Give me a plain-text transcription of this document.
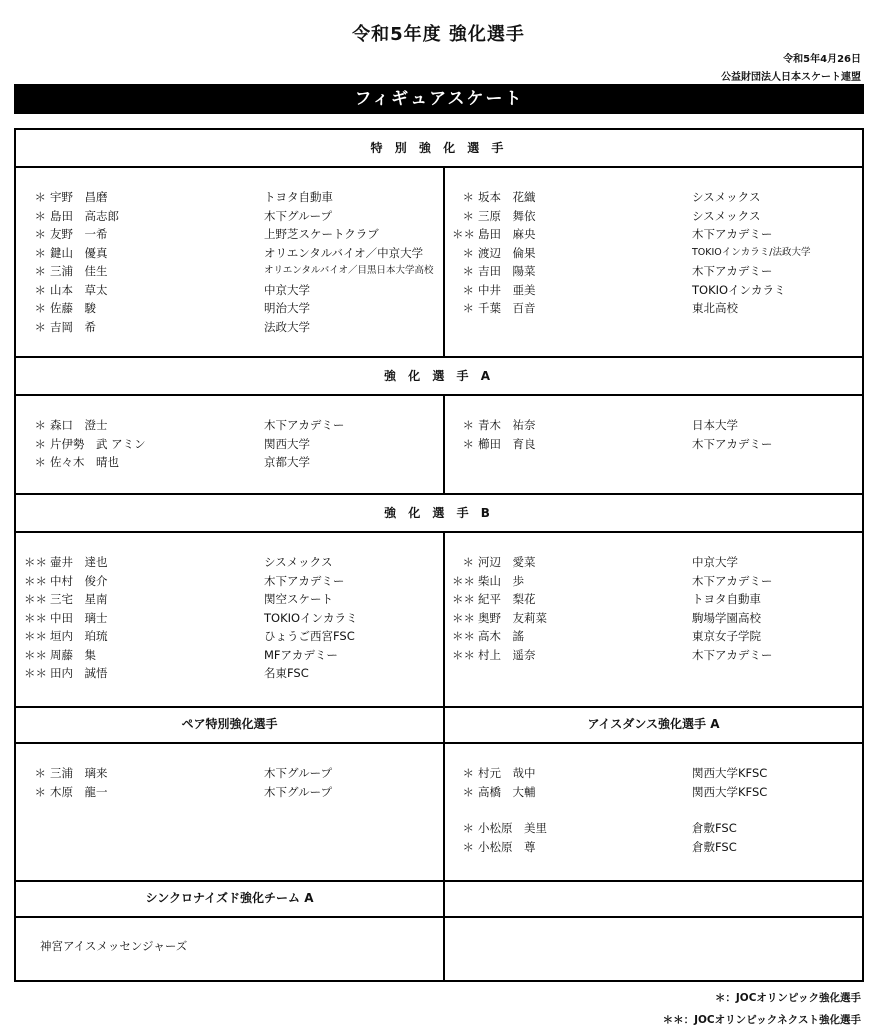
令和5年度 強化選手
令和5年4月26日
公益財団法人日本スケート連盟
フィギュアスケート
特 別 強 化 選 手
＊ 宇野　昌磨	トヨタ自動車
＊ 島田　高志郎	木下グループ
＊ 友野　一希	上野芝スケートクラブ
＊ 鍵山　優真	オリエンタルバイオ／中京大学
＊ 三浦　佳生	オリエンタルバイオ／目黒日本大学高校
＊ 山本　草太	中京大学
＊ 佐藤　駿	明治大学
＊ 吉岡　希	法政大学
＊ 坂本　花織	シスメックス
＊ 三原　舞依	シスメックス
＊＊ 島田　麻央	木下アカデミー
＊ 渡辺　倫果	TOKIOインカラミ/法政大学
＊ 吉田　陽菜	木下アカデミー
＊ 中井　亜美	TOKIOインカラミ
＊ 千葉　百音	東北高校
強 化 選 手 A
＊ 森口　澄士	木下アカデミー
＊ 片伊勢　武 アミン	関西大学
＊ 佐々木　晴也	京都大学
＊ 青木　祐奈	日本大学
＊ 櫛田　育良	木下アカデミー
強 化 選 手 B
＊＊ 壷井　達也	シスメックス
＊＊ 中村　俊介	木下アカデミー
＊＊ 三宅　星南	関空スケート
＊＊ 中田　璃士	TOKIOインカラミ
＊＊ 垣内　珀琉	ひょうご西宮FSC
＊＊ 周藤　集	MFアカデミー
＊＊ 田内　誠悟	名東FSC
＊ 河辺　愛菜	中京大学
＊＊ 柴山　歩	木下アカデミー
＊＊ 紀平　梨花	トヨタ自動車
＊＊ 奥野　友莉菜	駒場学園高校
＊＊ 高木　謠	東京女子学院
＊＊ 村上　遥奈	木下アカデミー
ペア特別強化選手	アイスダンス強化選手 A
＊ 三浦　璃来	木下グループ
＊ 木原　龍一	木下グループ
＊ 村元　哉中	関西大学KFSC
＊ 高橋　大輔	関西大学KFSC
＊ 小松原　美里	倉敷FSC
＊ 小松原　尊	倉敷FSC
シンクロナイズド強化チーム A
神宮アイスメッセンジャーズ
＊：JOCオリンピック強化選手
＊＊：JOCオリンピックネクスト強化選手
